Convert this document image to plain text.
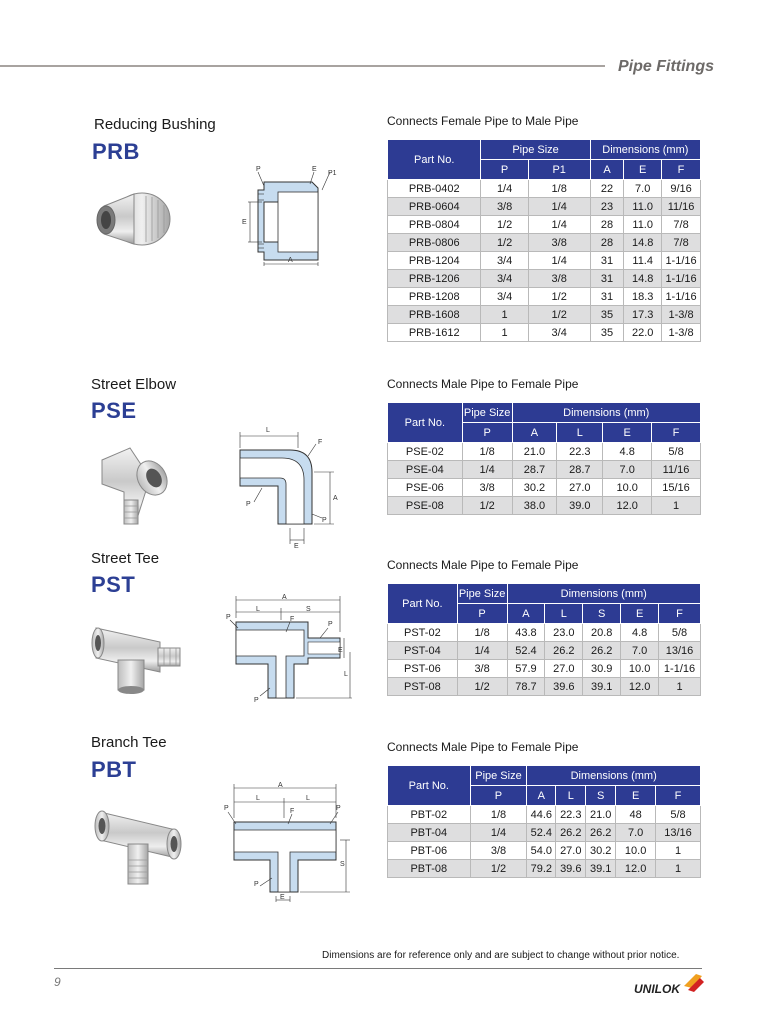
Pipe Fittings
Reducing Bushing
PRB
P	E
P1
E
A
Connects Female Pipe to Male Pipe
Part No.	Pipe Size		Dimensions (mm)		
	P	P1	A	E	F
PRB-0402	1/4	1/8	22	7.0	9/16
PRB-0604	3/8	1/4	23	11.0	11/16
PRB-0804	1/2	1/4	28	11.0	7/8
PRB-0806	1/2	3/8	28	14.8	7/8
PRB-1204	3/4	1/4	31	11.4	1-1/16
PRB-1206	3/4	3/8	31	14.8	1-1/16
PRB-1208	3/4	1/2	31	18.3	1-1/16
PRB-1608	1	1/2	35	17.3	1-3/8
PRB-1612	1	3/4	35	22.0	1-3/8
Street Elbow
PSE
L
F
A
P
P
E
Connects Male Pipe to Female Pipe
Part No.	Pipe Size	Dimensions (mm)			
	P	A	L	E	F
PSE-02	1/8	21.0	22.3	4.8	5/8
PSE-04	1/4	28.7	28.7	7.0	11/16
PSE-06	3/8	30.2	27.0	10.0	15/16
PSE-08	1/2	38.0	39.0	12.0	1
Street Tee
PST
A
L	S
P	F
P
E
L
P
Connects Male Pipe to Female Pipe
Part No.	Pipe Size	Dimensions (mm)				
	P	A	L	S	E	F
PST-02	1/8	43.8	23.0	20.8	4.8	5/8
PST-04	1/4	52.4	26.2	26.2	7.0	13/16
PST-06	3/8	57.9	27.0	30.9	10.0	1-1/16
PST-08	1/2	78.7	39.6	39.1	12.0	1
Branch Tee
PBT
A
L	L
P	F	P
S
P
E
Connects Male Pipe to Female Pipe
Part No.	Pipe Size	Dimensions (mm)				
	P	A	L	S	E	F
PBT-02	1/8	44.6	22.3	21.0	48	5/8
PBT-04	1/4	52.4	26.2	26.2	7.0	13/16
PBT-06	3/8	54.0	27.0	30.2	10.0	1
PBT-08	1/2	79.2	39.6	39.1	12.0	1
Dimensions are for reference only and are subject to change without prior notice.
9	UNILOK
